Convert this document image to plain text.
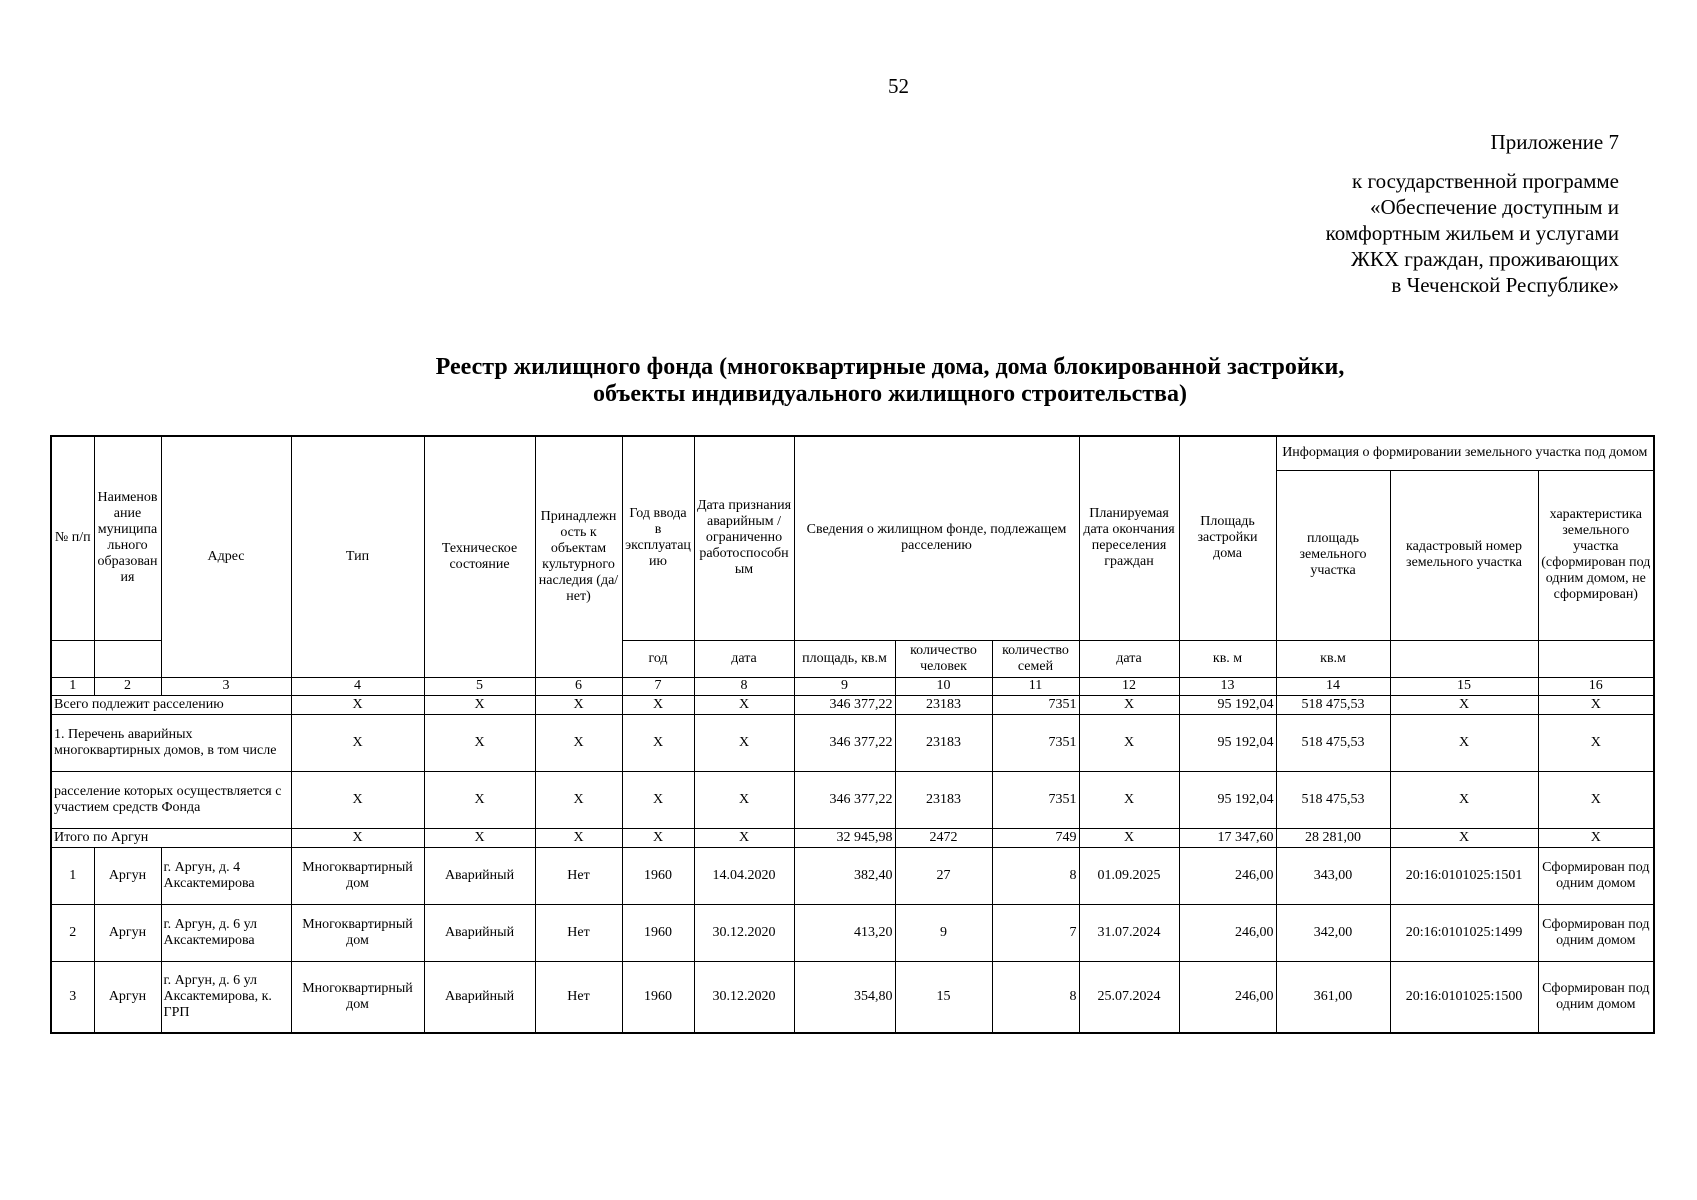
52
Приложение 7
к государственной программе
«Обеспечение доступным и
комфортным жильем и услугами
ЖКХ граждан, проживающих
в Чеченской Республике»
Реестр жилищного фонда (многоквартирные дома, дома блокированной застройки,
объекты индивидуального жилищного строительства)
№ п/п	Наименование муниципального образования	Адрес	Тип	Техническое состояние	Принадлежность к объектам культурного наследия (да/нет)	Год ввода в эксплуатацию	Дата признания аварийным /ограниченно работоспособным	Сведения о жилищном фонде, подлежащем расселению			Планируемая дата окончания переселения граждан	Площадь застройки дома	Информация о формировании земельного участка под домом		
													площадь земельного участка	кадастровый номер земельного участка	характеристика земельного участка (сформирован под одним домом, не сформирован)
						год	дата	площадь, кв.м	количество человек	количество семей	дата	кв. м	кв.м		
1	2	3	4	5	6	7	8	9	10	11	12	13	14	15	16
Всего подлежит расселению			X	X	X	X	X	346 377,22	23183	7351	X	95 192,04	518 475,53	X	X
1. Перечень аварийных многоквартирных домов, в том числе			X	X	X	X	X	346 377,22	23183	7351	X	95 192,04	518 475,53	X	X
расселение которых осуществляется с участием средств Фонда			X	X	X	X	X	346 377,22	23183	7351	X	95 192,04	518 475,53	X	X
Итого по Аргун			X	X	X	X	X	32 945,98	2472	749	X	17 347,60	28 281,00	X	X
1	Аргун	г. Аргун, д. 4 Аксактемирова	Многоквартирный дом	Аварийный	Нет	1960	14.04.2020	382,40	27	8	01.09.2025	246,00	343,00	20:16:0101025:1501	Сформирован под одним домом
2	Аргун	г. Аргун, д. 6 ул Аксактемирова	Многоквартирный дом	Аварийный	Нет	1960	30.12.2020	413,20	9	7	31.07.2024	246,00	342,00	20:16:0101025:1499	Сформирован под одним домом
3	Аргун	г. Аргун, д. 6 ул Аксактемирова, к. ГРП	Многоквартирный дом	Аварийный	Нет	1960	30.12.2020	354,80	15	8	25.07.2024	246,00	361,00	20:16:0101025:1500	Сформирован под одним домом
